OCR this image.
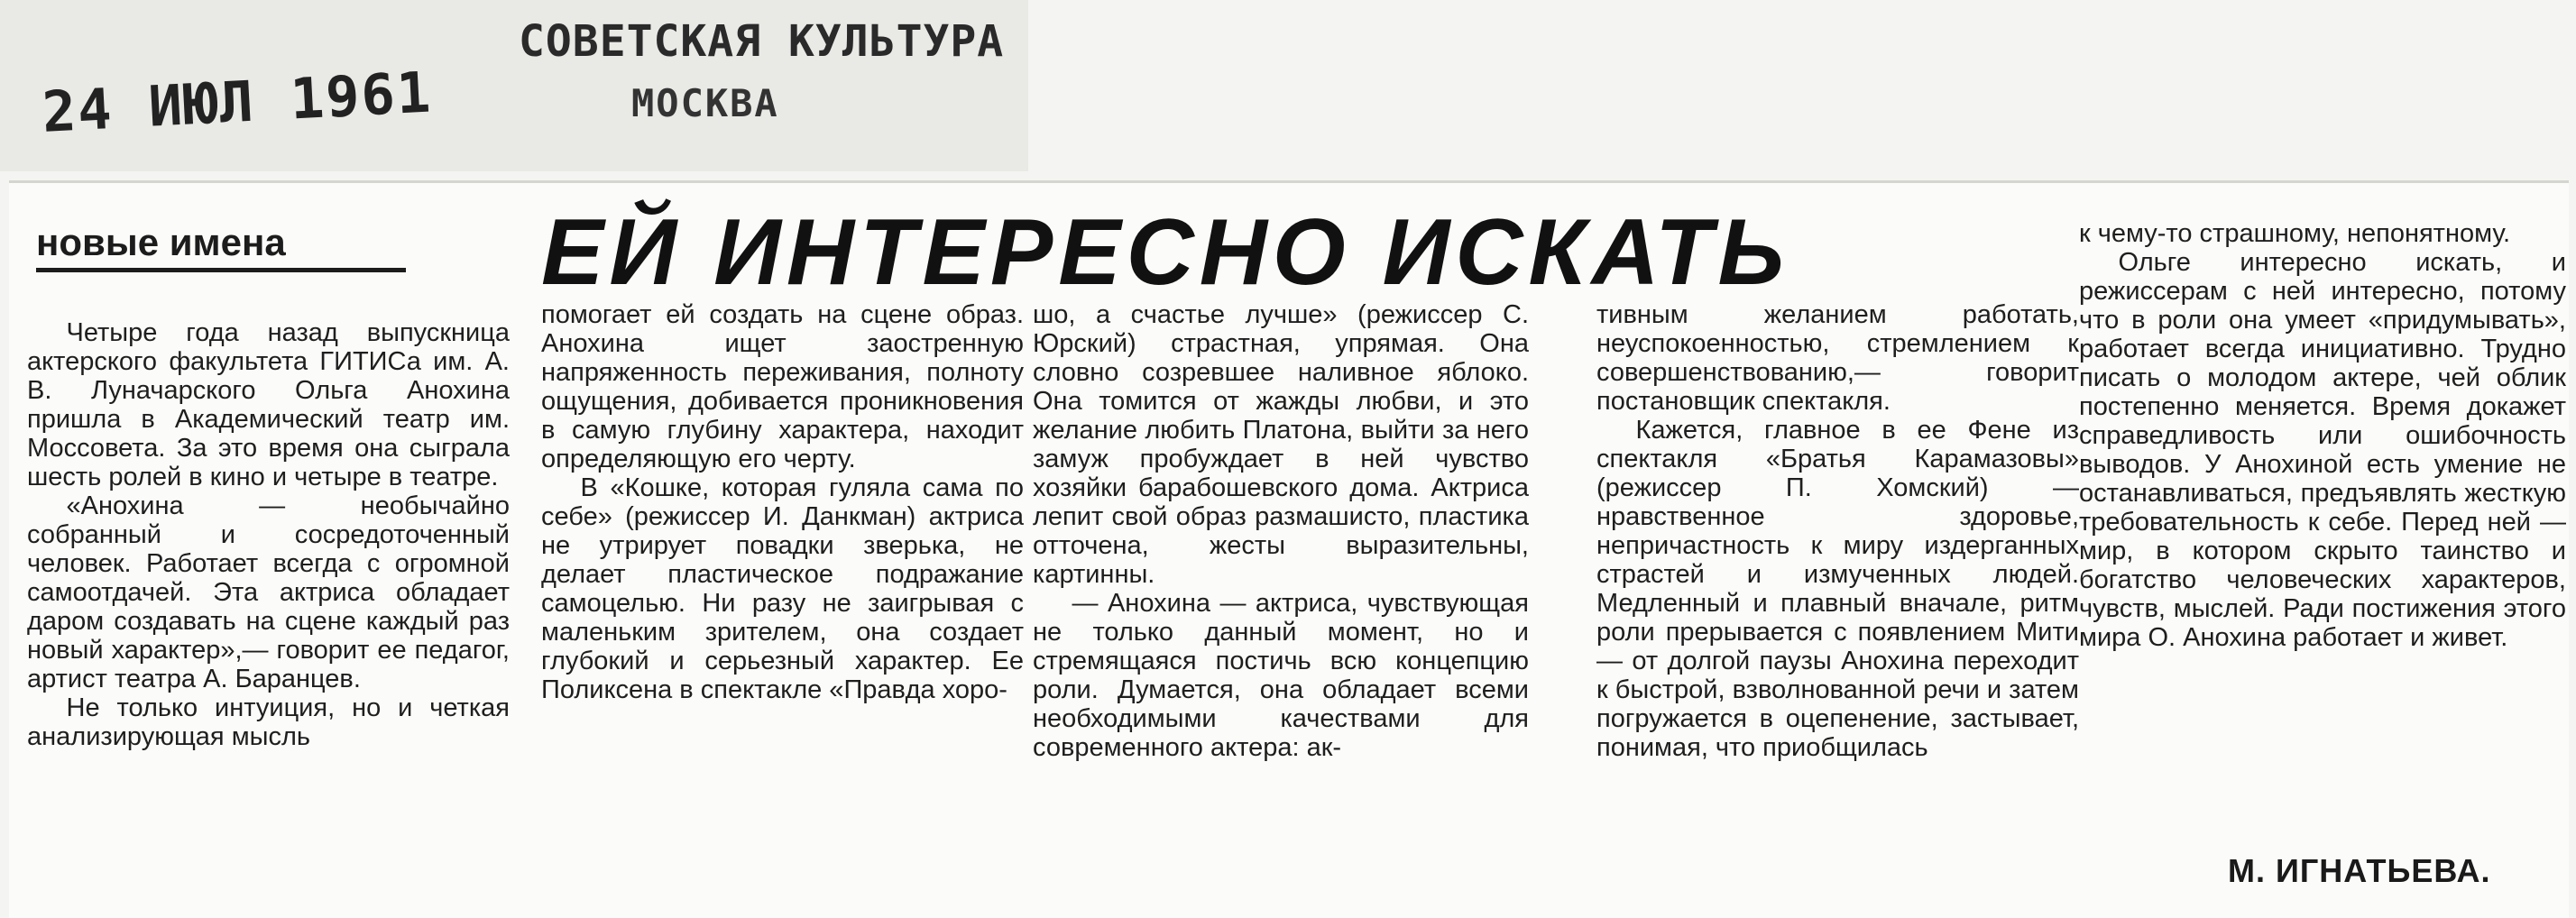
24 ИЮЛ 1961
СОВЕТСКАЯ КУЛЬТУРА
МОСКВА
новые имена	ЕЙ ИНТЕРЕСНО ИСКАТЬ

Четыре года назад выпускница актерского факультета ГИТИСа им. А. В. Луначарского Ольга Анохина пришла в Академический театр им. Моссовета. За это время она сыграла шесть ролей в кино и четыре в театре.

«Анохина — необычайно собранный и сосредоточенный человек. Работает всегда с огромной самоотдачей. Эта актриса обладает даром создавать на сцене каждый раз новый характер»,— говорит ее педагог, артист театра А. Баранцев.

Не только интуиция, но и четкая анализирующая мысль

помогает ей создать на сцене образ. Анохина ищет заостренную напряженность переживания, полноту ощущения, добивается проникновения в самую глубину характера, находит определяющую его черту.

В «Кошке, которая гуляла сама по себе» (режиссер И. Данкман) актриса не утрирует повадки зверька, не делает пластическое подражание самоцелью. Ни разу не заигрывая с маленьким зрителем, она создает глубокий и серьезный характер. Ее Поликсена в спектакле «Правда хоро-

шо, а счастье лучше» (режиссер С. Юрский) страстная, упрямая. Она словно созревшее наливное яблоко. Она томится от жажды любви, и это желание любить Платона, выйти за него замуж пробуждает в ней чувство хозяйки барабошевского дома. Актриса лепит свой образ размашисто, пластика отточена, жесты выразительны, картинны.

— Анохина — актриса, чувствующая не только данный момент, но и стремящаяся постичь всю концепцию роли. Думается, она обладает всеми необходимыми качествами для современного актера: ак-

тивным желанием работать, неуспокоенностью, стремлением к совершенствованию,— говорит постановщик спектакля.

Кажется, главное в ее Фене из спектакля «Братья Карамазовы» (режиссер П. Хомский) — нравственное здоровье, непричастность к миру издерганных страстей и измученных людей. Медленный и плавный вначале, ритм роли прерывается с появлением Мити — от долгой паузы Анохина переходит к быстрой, взволнованной речи и затем погружается в оцепенение, застывает, понимая, что приобщилась

к чему-то страшному, непонятному.

Ольге интересно искать, и режиссерам с ней интересно, потому что в роли она умеет «придумывать», работает всегда инициативно. Трудно писать о молодом актере, чей облик постепенно меняется. Время докажет справедливость или ошибочность выводов. У Анохиной есть умение не останавливаться, предъявлять жесткую требовательность к себе. Перед ней — мир, в котором скрыто таинство и богатство человеческих характеров, чувств, мыслей. Ради постижения этого мира О. Анохина работает и живет.

М. ИГНАТЬЕВА.
